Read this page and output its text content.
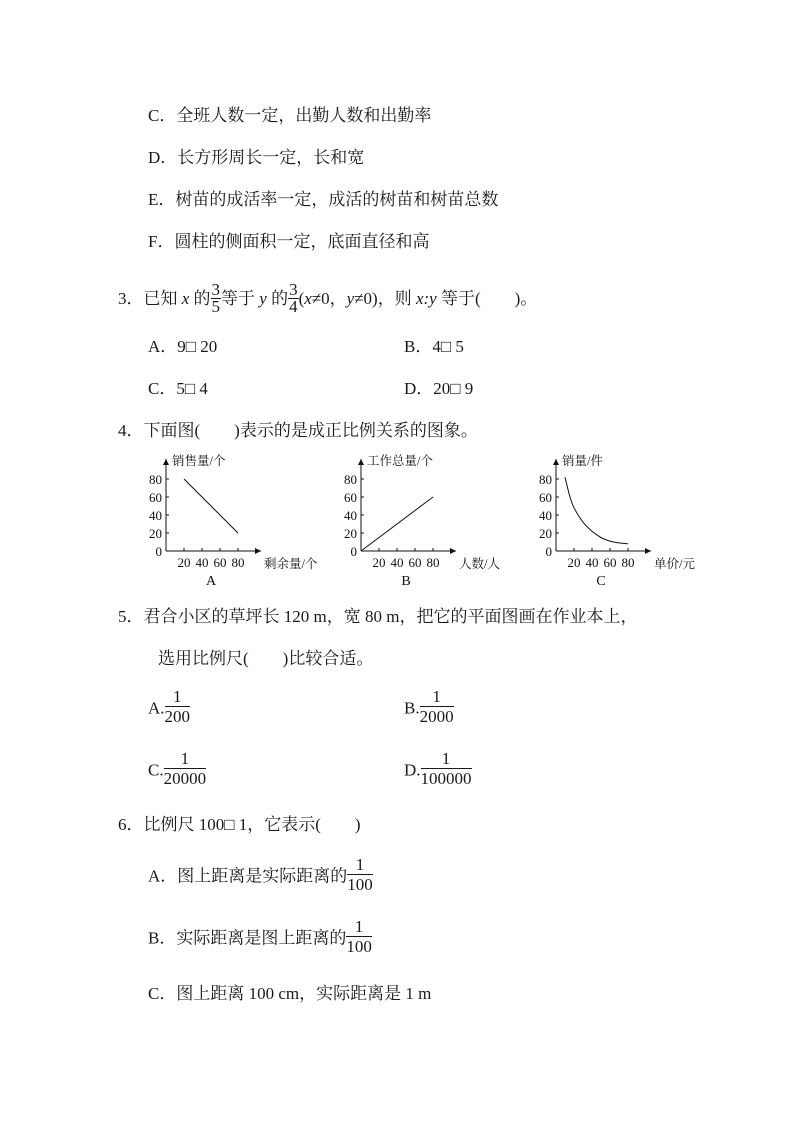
C．全班人数一定，出勤人数和出勤率
D．长方形周长一定，长和宽
E．树苗的成活率一定，成活的树苗和树苗总数
F．圆柱的侧面积一定，底面直径和高
3．已知 x 的 $\frac{3}{5}$ 等于 y 的 $\frac{3}{4} (x\ne 0$，y≠0)，则 x:y 等于(　　)。
A．9□ 20	B．4□ 5
C．5□ 4	D．20□ 9
4．下面图(　　)表示的是成正比例关系的图象。
0
20
40
60
80
20 40 60 80
销售量/个
剩余量/个
A
0
20
40
60
80
20 40 60 80
工作总量/个
人数/人
B
0
20
40
60
80
20 40 60 80
销量/件
单价/元
C
5．君合小区的草坪长 120 m，宽 80 m，把它的平面图画在作业本上，
选用比例尺(　　)比较合适。
A. $\frac{1}{200}$	B. $\frac{1}{2000}$
C. $\frac{1}{20000}$	D. $\frac{1}{100000}$
6．比例尺 100□ 1，它表示(　　)
A．图上距离是实际距离的 $\frac{1}{100}$
B．实际距离是图上距离的 $\frac{1}{100}$
C．图上距离 100 cm，实际距离是 1 m
